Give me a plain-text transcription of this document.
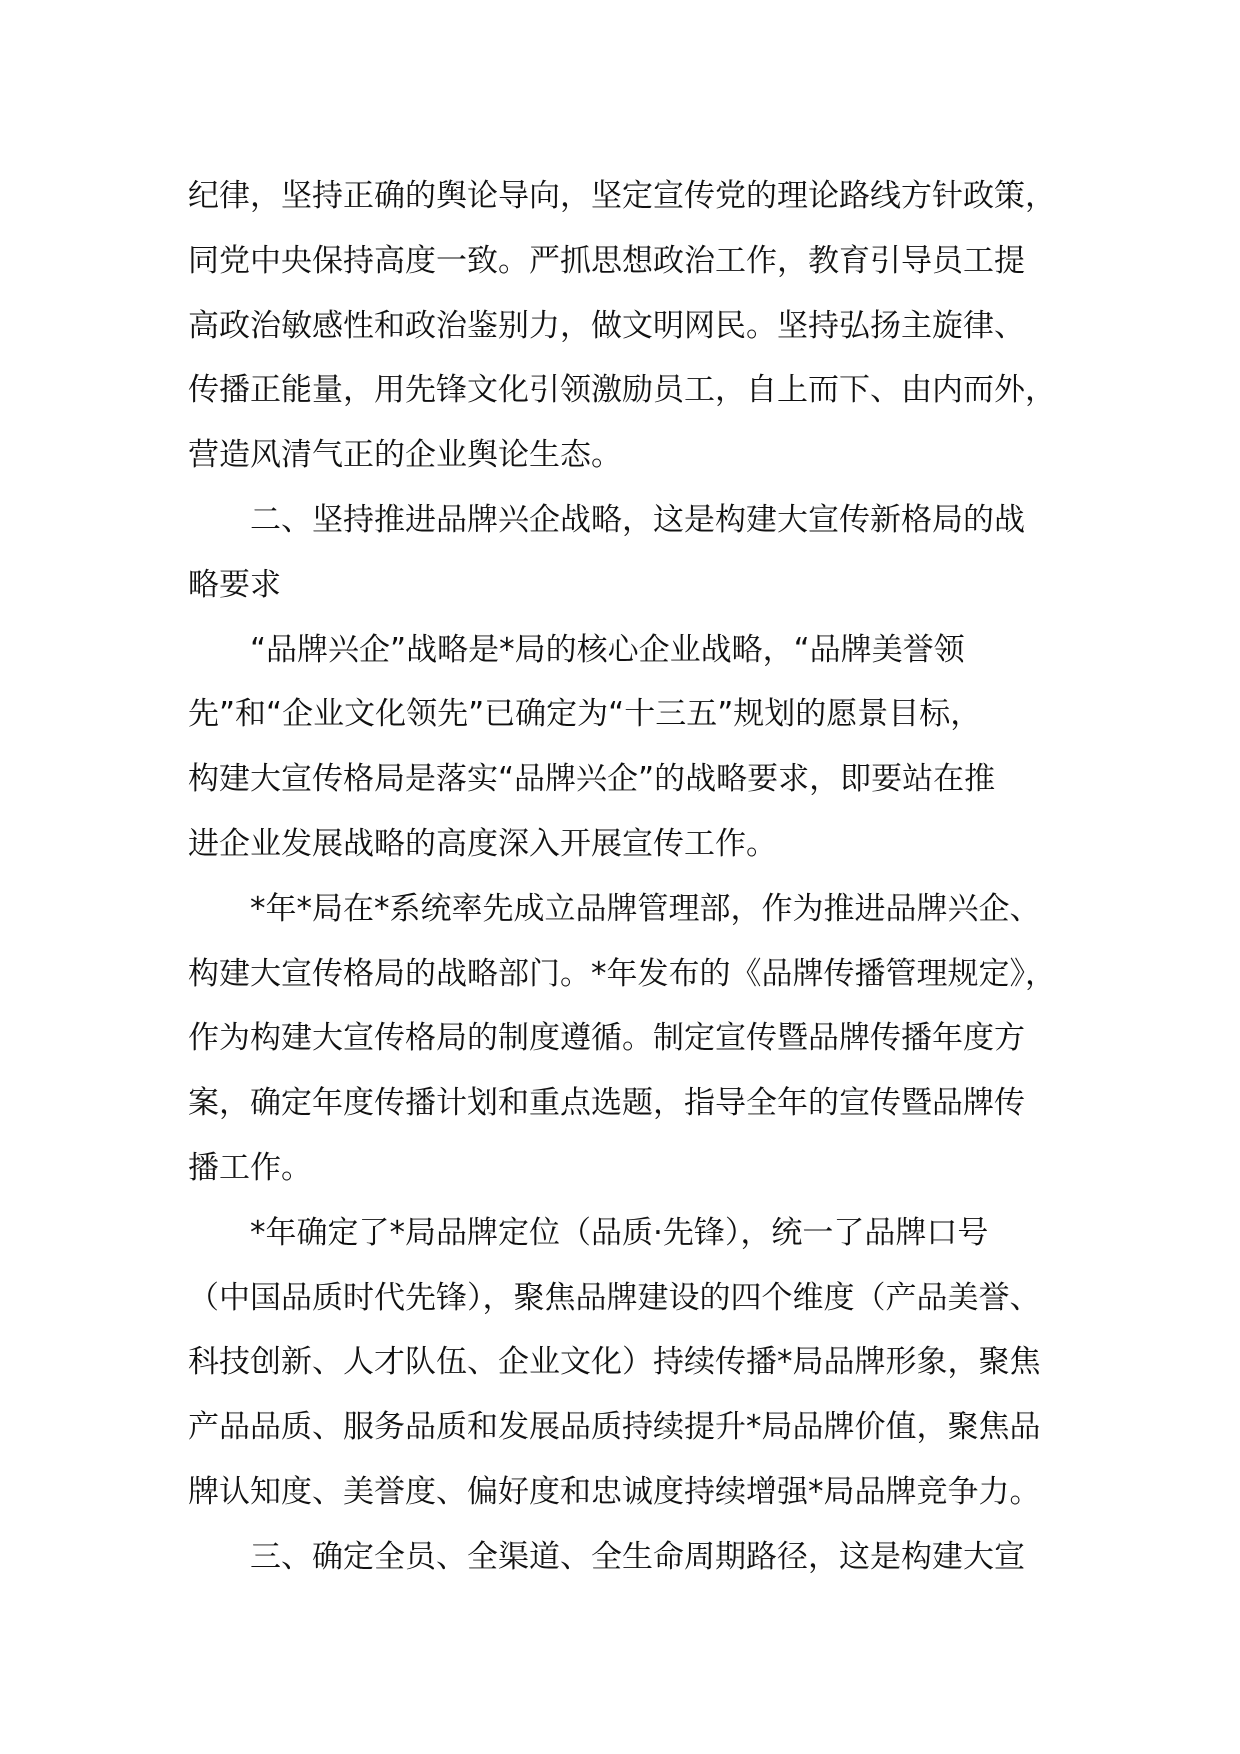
纪律，坚持正确的舆论导向，坚定宣传党的理论路线方针政策，
同党中央保持高度一致。严抓思想政治工作，教育引导员工提
高政治敏感性和政治鉴别力，做文明网民。坚持弘扬主旋律、
传播正能量，用先锋文化引领激励员工，自上而下、由内而外，
营造风清气正的企业舆论生态。
二、坚持推进品牌兴企战略，这是构建大宣传新格局的战
略要求
“品牌兴企”战略是*局的核心企业战略，“品牌美誉领
先”和“企业文化领先”已确定为“十三五”规划的愿景目标，
构建大宣传格局是落实“品牌兴企”的战略要求，即要站在推
进企业发展战略的高度深入开展宣传工作。
*年*局在*系统率先成立品牌管理部，作为推进品牌兴企、
构建大宣传格局的战略部门。*年发布的《品牌传播管理规定》，
作为构建大宣传格局的制度遵循。制定宣传暨品牌传播年度方
案，确定年度传播计划和重点选题，指导全年的宣传暨品牌传
播工作。
*年确定了*局品牌定位（品质·先锋），统一了品牌口号
（中国品质时代先锋），聚焦品牌建设的四个维度（产品美誉、
科技创新、人才队伍、企业文化）持续传播*局品牌形象，聚焦
产品品质、服务品质和发展品质持续提升*局品牌价值，聚焦品
牌认知度、美誉度、偏好度和忠诚度持续增强*局品牌竞争力。
三、确定全员、全渠道、全生命周期路径，这是构建大宣
